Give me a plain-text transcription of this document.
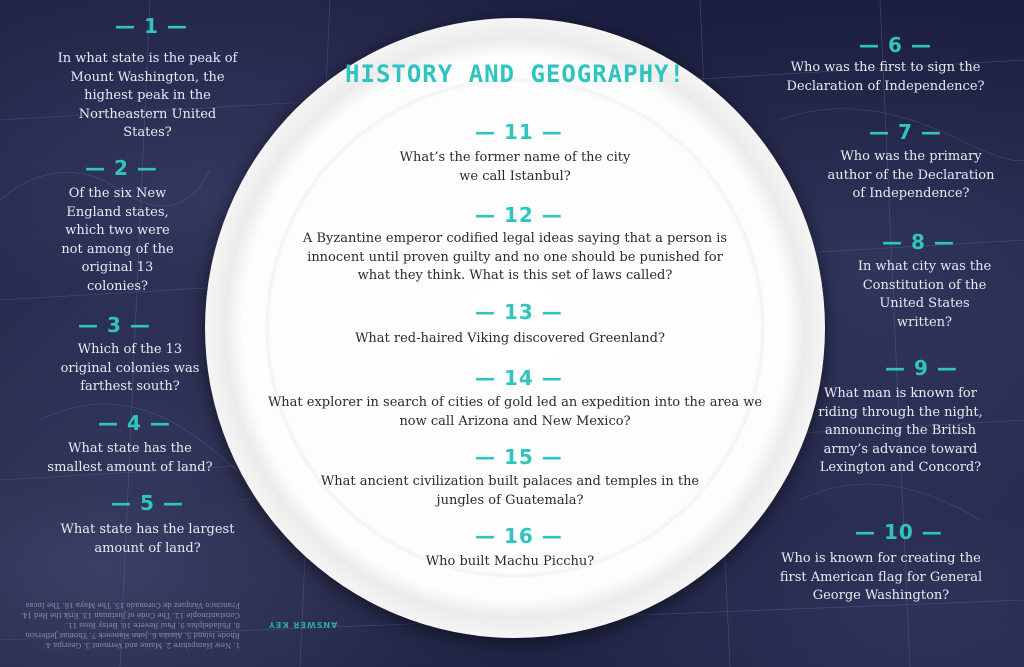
HISTORY AND GEOGRAPHY!
— 1 —
In what state is the peak of Mount Washington, the highest peak in the Northeastern United States?
— 2 —
Of the six New England states, which two were not among of the original 13 colonies?
— 3 —
Which of the 13 original colonies was farthest south?
— 4 —
What state has the smallest amount of land?
— 5 —
What state has the largest amount of land?
— 6 —
Who was the first to sign the Declaration of Independence?
— 7 —
Who was the primary author of the Declaration of Independence?
— 8 —
In what city was the Constitution of the United States written?
— 9 —
What man is known for riding through the night, announcing the British army’s advance toward Lexington and Concord?
— 10 —
Who is known for creating the first American flag for General George Washington?
— 11 —
What’s the former name of the city we call Istanbul?
— 12 —
A Byzantine emperor codified legal ideas saying that a person is innocent until proven guilty and no one should be punished for what they think. What is this set of laws called?
— 13 —
What red-haired Viking discovered Greenland?
— 14 —
What explorer in search of cities of gold led an expedition into the area we now call Arizona and New Mexico?
— 15 —
What ancient civilization built palaces and temples in the jungles of Guatemala?
— 16 —
Who built Machu Picchu?
1. New Hampshire 2. Maine and Vermont 3. Georgia 4. Rhode Island 5. Alaska 6. John Hancock 7. Thomas Jefferson 8. Philadelphia 9. Paul Revere 10. Betsy Ross 11. Constantinople 12. The Code of Justinian 13. Erik the Red 14. Francisco Vázquez de Coronado 15. The Maya 16. The Incas
ANSWER KEY
